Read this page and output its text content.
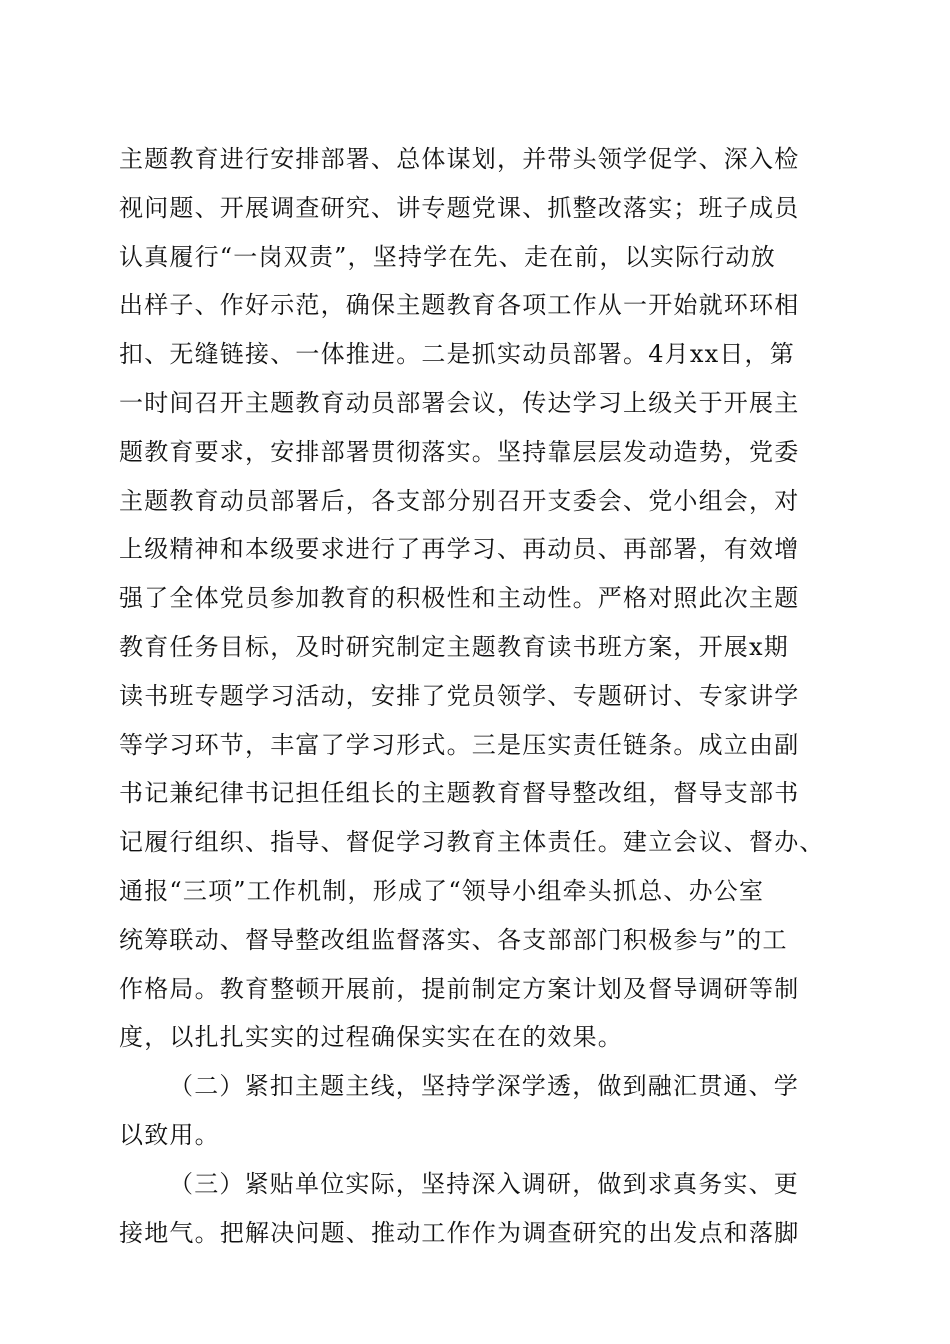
主题教育进行安排部署、总体谋划，并带头领学促学、深入检
视问题、开展调查研究、讲专题党课、抓整改落实；班子成员
认真履行“一岗双责”，坚持学在先、走在前，以实际行动放
出样子、作好示范，确保主题教育各项工作从一开始就环环相
扣、无缝链接、一体推进。二是抓实动员部署。4月xx日，第
一时间召开主题教育动员部署会议，传达学习上级关于开展主
题教育要求，安排部署贯彻落实。坚持靠层层发动造势，党委
主题教育动员部署后，各支部分别召开支委会、党小组会，对
上级精神和本级要求进行了再学习、再动员、再部署，有效增
强了全体党员参加教育的积极性和主动性。严格对照此次主题
教育任务目标，及时研究制定主题教育读书班方案，开展x期
读书班专题学习活动，安排了党员领学、专题研讨、专家讲学
等学习环节，丰富了学习形式。三是压实责任链条。成立由副
书记兼纪律书记担任组长的主题教育督导整改组，督导支部书
记履行组织、指导、督促学习教育主体责任。建立会议、督办、
通报“三项”工作机制，形成了“领导小组牵头抓总、办公室
统筹联动、督导整改组监督落实、各支部部门积极参与”的工
作格局。教育整顿开展前，提前制定方案计划及督导调研等制
度，以扎扎实实的过程确保实实在在的效果。
（二）紧扣主题主线，坚持学深学透，做到融汇贯通、学
以致用。
（三）紧贴单位实际，坚持深入调研，做到求真务实、更
接地气。把解决问题、推动工作作为调查研究的出发点和落脚
